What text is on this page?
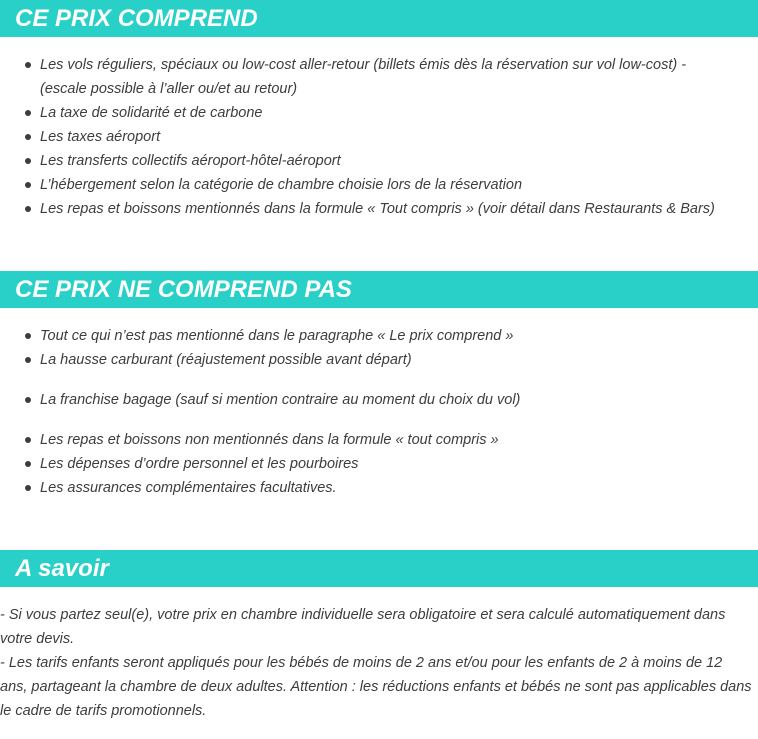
CE PRIX COMPREND
Les vols réguliers, spéciaux ou low-cost aller-retour (billets émis dès la réservation sur vol low-cost) - (escale possible à l’aller ou/et au retour)
La taxe de solidarité et de carbone
Les taxes aéroport
Les transferts collectifs aéroport-hôtel-aéroport
L’hébergement selon la catégorie de chambre choisie lors de la réservation
Les repas et boissons mentionnés dans la formule « Tout compris » (voir détail dans Restaurants & Bars)
CE PRIX NE COMPREND PAS
Tout ce qui n’est pas mentionné dans le paragraphe « Le prix comprend »
La hausse carburant (réajustement possible avant départ)
La franchise bagage (sauf si mention contraire au moment du choix du vol)
Les repas et boissons non mentionnés dans la formule « tout compris »
Les dépenses d’ordre personnel et les pourboires
Les assurances complémentaires facultatives.
A savoir

- Si vous partez seul(e), votre prix en chambre individuelle sera obligatoire et sera calculé automatiquement dans votre devis.

- Les tarifs enfants seront appliqués pour les bébés de moins de 2 ans et/ou pour les enfants de 2 à moins de 12 ans, partageant la chambre de deux adultes. Attention : les réductions enfants et bébés ne sont pas applicables dans le cadre de tarifs promotionnels.
